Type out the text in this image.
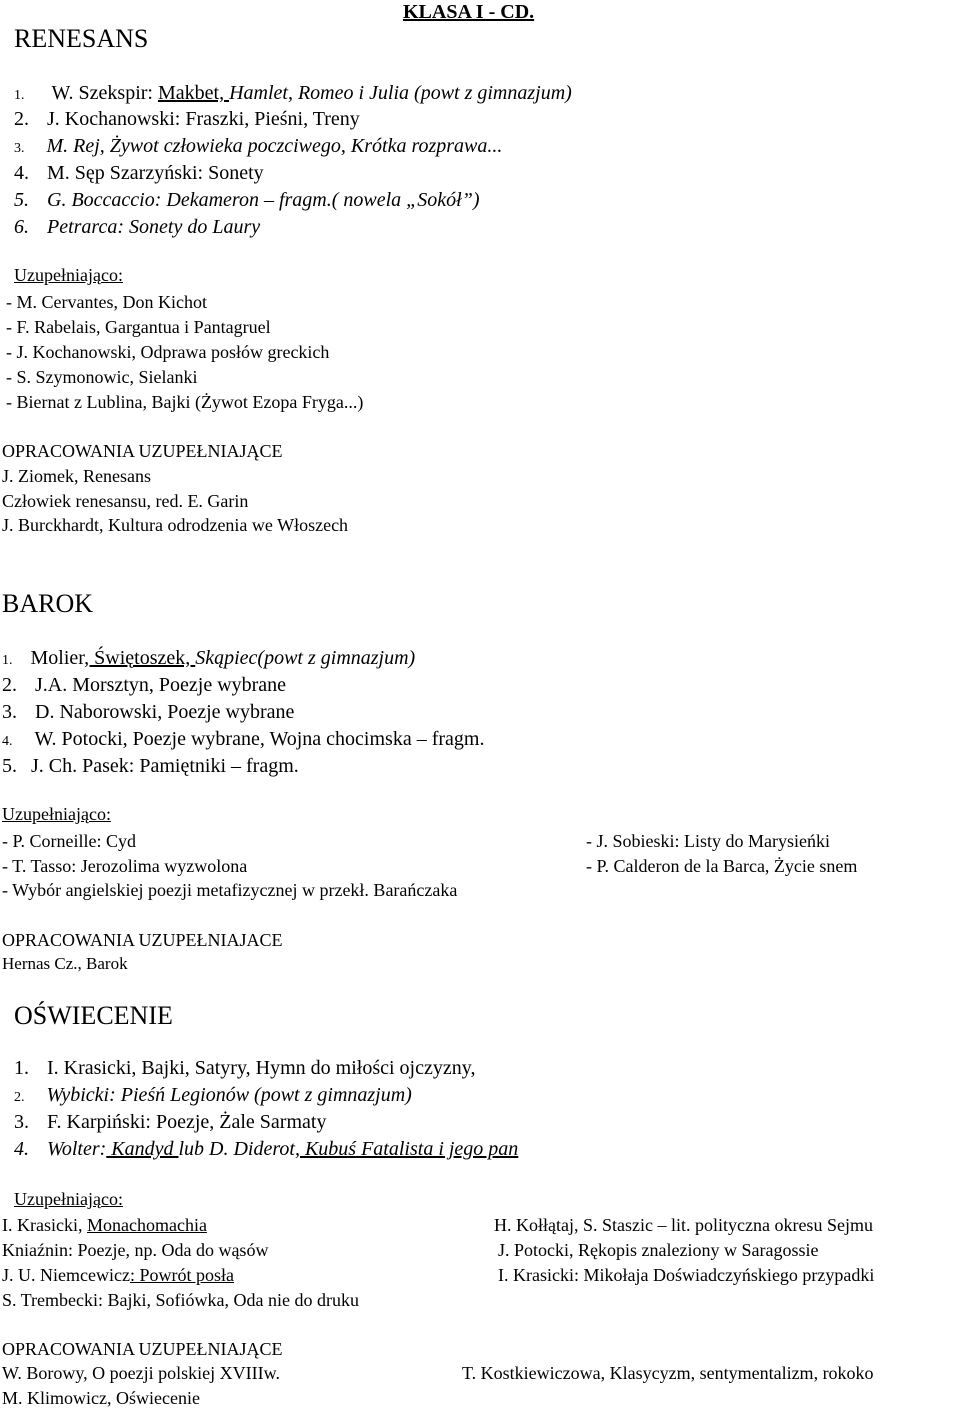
RENESANS
KLASA I - CD.
1. W. Szekspir: Makbet, Hamlet, Romeo i Julia (powt z gimnazjum)
2. J. Kochanowski: Fraszki, Pieśni, Treny
3. M. Rej, Żywot człowieka poczciwego, Krótka rozprawa...
4. M. Sęp Szarzyński: Sonety
5. G. Boccaccio: Dekameron – fragm.( nowela „Sokół”)
6. Petrarca: Sonety do Laury
Uzupełniająco:
- M. Cervantes, Don Kichot
- F. Rabelais, Gargantua i Pantagruel
- J. Kochanowski, Odprawa posłów greckich
- S. Szymonowic, Sielanki
- Biernat z Lublina, Bajki (Żywot Ezopa Fryga...)
OPRACOWANIA UZUPEŁNIAJĄCE
J. Ziomek, Renesans
Człowiek renesansu, red. E. Garin
J. Burckhardt, Kultura odrodzenia we Włoszech
BAROK
1. Molier, Świętoszek, Skąpiec(powt z gimnazjum)
2. J.A. Morsztyn, Poezje wybrane
3. D. Naborowski, Poezje wybrane
4. W. Potocki, Poezje wybrane, Wojna chocimska – fragm.
5. J. Ch. Pasek: Pamiętniki – fragm.
Uzupełniająco:
- P. Corneille: Cyd
- T. Tasso: Jerozolima wyzwolona
- Wybór angielskiej poezji metafizycznej w przekł. Barańczaka
- J. Sobieski: Listy do Marysieńki
- P. Calderon de la Barca, Życie snem
OPRACOWANIA UZUPEŁNIAJACE
Hernas Cz., Barok
OŚWIECENIE
1. I. Krasicki, Bajki, Satyry, Hymn do miłości ojczyzny,
2. Wybicki: Pieśń Legionów (powt z gimnazjum)
3. F. Karpiński: Poezje, Żale Sarmaty
4. Wolter: Kandyd lub D. Diderot, Kubuś Fatalista i jego pan
Uzupełniająco:
I. Krasicki, Monachomachia
Kniaźnin: Poezje, np. Oda do wąsów
J. U. Niemcewicz: Powrót posła
S. Trembecki: Bajki, Sofiówka, Oda nie do druku
H. Kołłątaj, S. Staszic – lit. polityczna okresu Sejmu
J. Potocki, Rękopis znaleziony w Saragossie
I. Krasicki: Mikołaja Doświadczyńskiego przypadki
OPRACOWANIA UZUPEŁNIAJĄCE
W. Borowy, O poezji polskiej XVIIIw.
M. Klimowicz, Oświecenie
T. Kostkiewiczowa, Klasycyzm, sentymentalizm, rokoko
